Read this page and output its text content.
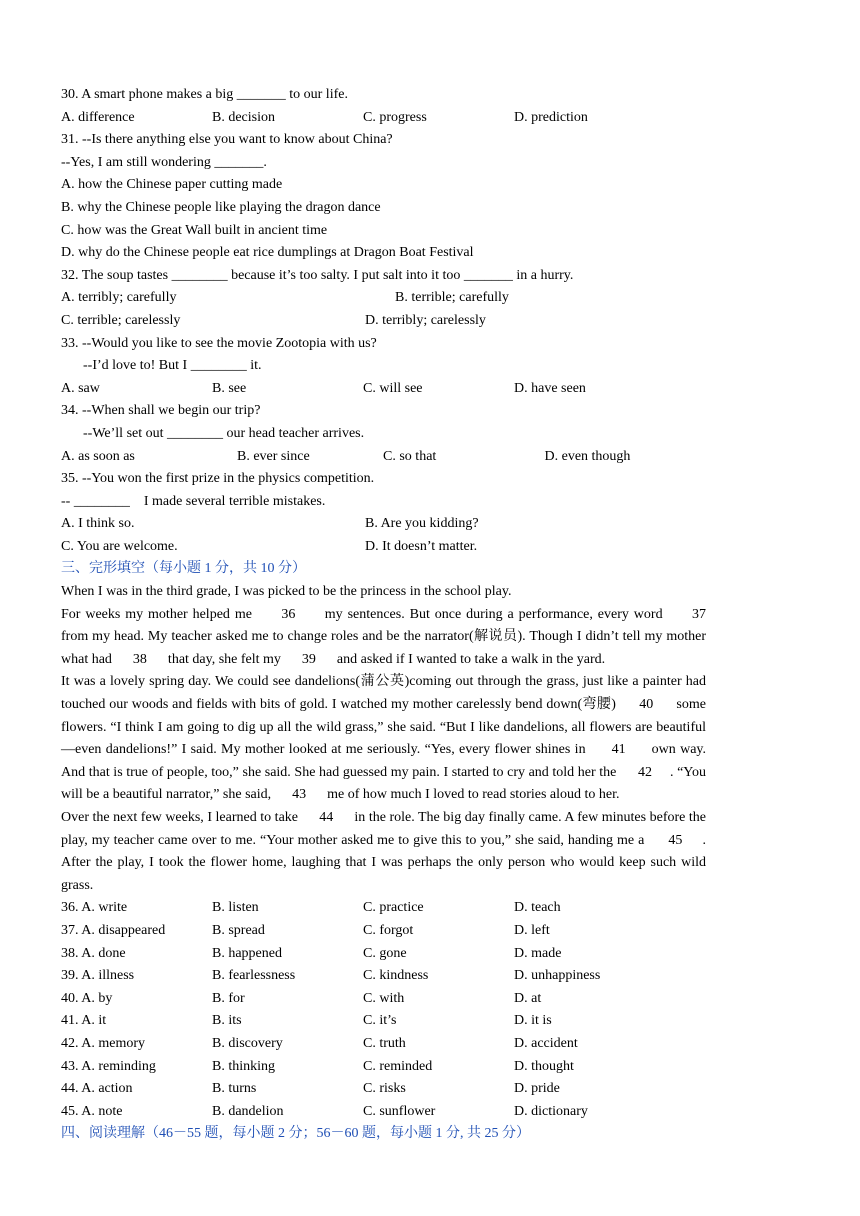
30. A smart phone makes a big _______ to our life.
A. difference	B. decision	C. progress	D. prediction
31. --Is there anything else you want to know about China?
--Yes, I am still wondering _______.
A. how the Chinese paper cutting made
B. why the Chinese people like playing the dragon dance
C. how was the Great Wall built in ancient time
D. why do the Chinese people eat rice dumplings at Dragon Boat Festival
32. The soup tastes ________ because it’s too salty. I put salt into it too _______ in a hurry.
A. terribly; carefully	B. terrible; carefully
C. terrible; carelessly	D. terribly; carelessly
33. --Would you like to see the movie Zootopia with us?
--I’d love to! But I ________ it.
A. saw	B. see	C. will see	D. have seen
34. --When shall we begin our trip?
--We’ll set out ________ our head teacher arrives.
A. as soon as	B. ever since	C. so that	D. even though
35. --You won the first prize in the physics competition.
-- ________    I made several terrible mistakes.
A. I think so.	B. Are you kidding?
C. You are welcome.	D. It doesn’t matter.
三、完形填空（每小题 1 分，共 10 分）
When I was in the third grade, I was picked to be the princess in the school play.
For weeks my mother helped me      36      my sentences. But once during a performance, every word      37      from my head. My teacher asked me to change roles and be the narrator(解说员). Though I didn’t tell my mother what had      38      that day, she felt my      39      and asked if I wanted to take a walk in the yard.
It was a lovely spring day. We could see dandelions(蒲公英)coming out through the grass, just like a painter had touched our woods and fields with bits of gold. I watched my mother carelessly bend down(弯腰)      40      some flowers. “I think I am going to dig up all the wild grass,” she said. “But I like dandelions, all flowers are beautiful—even dandelions!” I said. My mother looked at me seriously. “Yes, every flower shines in      41      own way. And that is true of people, too,” she said. She had guessed my pain. I started to cry and told her the      42     . “You will be a beautiful narrator,” she said,      43      me of how much I loved to read stories aloud to her.
Over the next few weeks, I learned to take      44      in the role. The big day finally came. A few minutes before the play, my teacher came over to me. “Your mother asked me to give this to you,” she said, handing me a      45     . After the play, I took the flower home, laughing that I was perhaps the only person who would keep such wild grass.
36. A. write	B. listen	C. practice	D. teach
37. A. disappeared	B. spread	C. forgot	D. left
38. A. done	B. happened	C. gone	D. made
39. A. illness	B. fearlessness	C. kindness	D. unhappiness
40. A. by	B. for	C. with	D. at
41. A. it	B. its	C. it’s	D. it is
42. A. memory	B. discovery	C. truth	D. accident
43. A. reminding	B. thinking	C. reminded	D. thought
44. A. action	B. turns	C. risks	D. pride
45. A. note	B. dandelion	C. sunflower	D. dictionary
四、阅读理解（46－55 题，每小题 2 分；56－60 题，每小题 1 分, 共 25 分）
